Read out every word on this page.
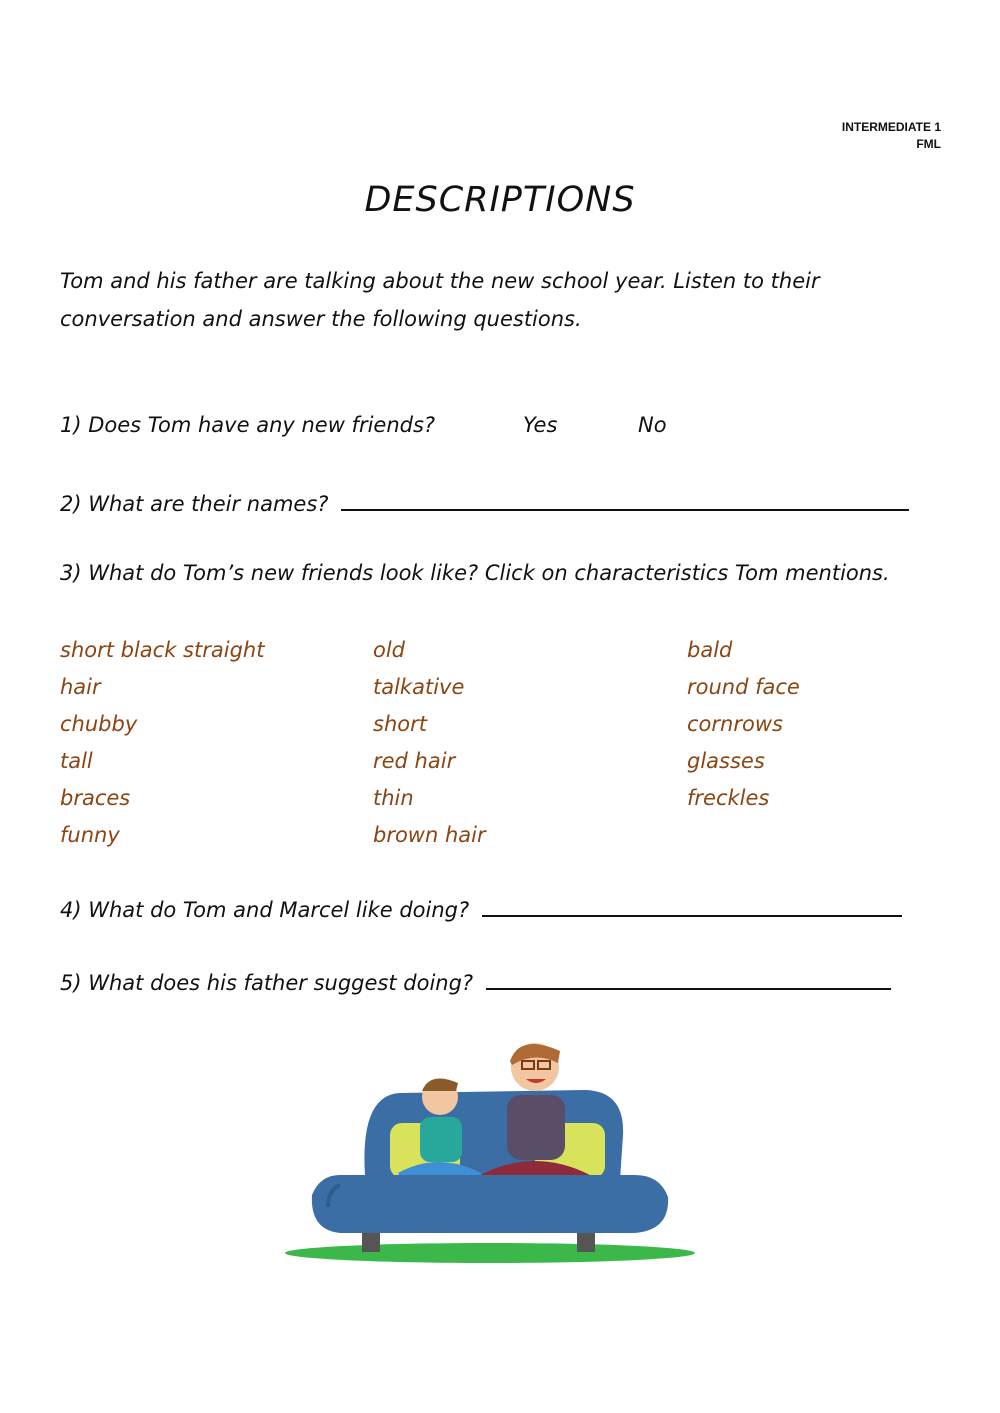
INTERMEDIATE 1
FML
DESCRIPTIONS
Tom and his father are talking about the new school year. Listen to their conversation and answer the following questions.
1) Does Tom have any new friends?	Yes	No
2) What are their names?
3) What do Tom’s new friends look like? Click on characteristics Tom mentions.
short black straight
hair
chubby
tall
braces
funny
old
talkative
short
red hair
thin
brown hair
bald
round face
cornrows
glasses
freckles
4) What do Tom and Marcel like doing?
5) What does his father suggest doing?
